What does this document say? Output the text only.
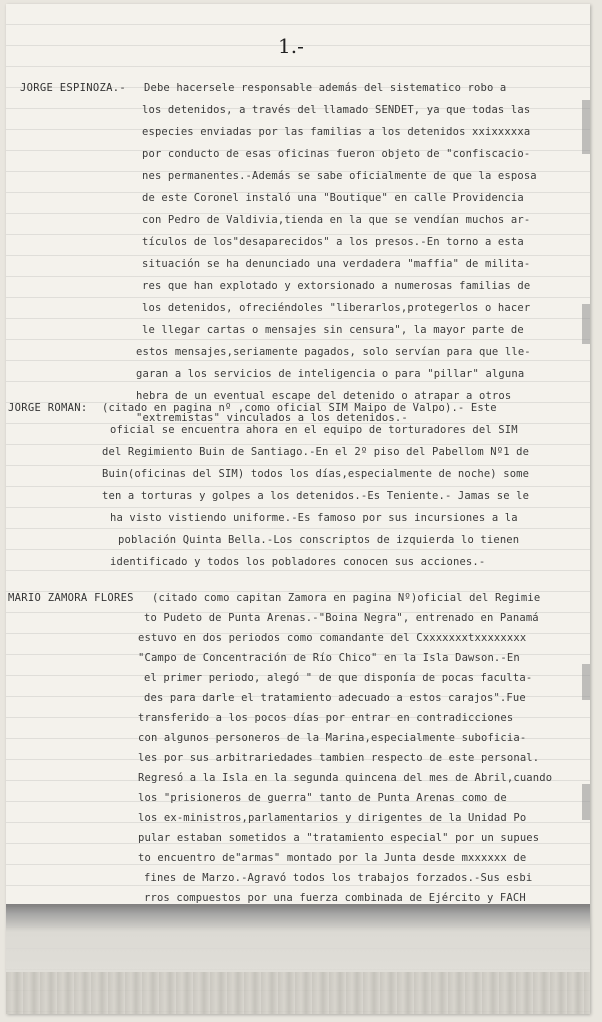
1.-
JORGE ESPINOZA.- Debe hacersele responsable además del sistematico robo a
los detenidos, a través del llamado SENDET, ya que todas las
especies enviadas por las familias a los detenidos xxixxxxxa
por conducto de esas oficinas fueron objeto de "confiscacio-
nes permanentes.-Además se sabe oficialmente de que la esposa
de este Coronel instaló una "Boutique" en calle Providencia
con Pedro de Valdivia,tienda en la que se vendían muchos ar-
tículos de los"desaparecidos" a los presos.-En torno a esta
situación se ha denunciado una verdadera "maffia" de milita-
res que han explotado y extorsionado a numerosas familias de
los detenidos, ofreciéndoles "liberarlos,protegerlos o hacer
le llegar cartas o mensajes sin censura", la mayor parte de
estos mensajes,seriamente pagados, solo servían para que lle-
garan a los servicios de inteligencia o para "pillar" alguna
hebra de un eventual escape del detenido o atrapar a otros
"extremistas" vinculados a los detenidos.-
JORGE ROMAN: (citado en pagina nº ,como oficial SIM Maipo de Valpo).- Este
oficial se encuentra ahora en el equipo de torturadores del SIM
del Regimiento Buin de Santiago.-En el 2º piso del Pabellom Nº1 de
Buin(oficinas del SIM) todos los días,especialmente de noche) some
ten a torturas y golpes a los detenidos.-Es Teniente.- Jamas se le
ha visto vistiendo uniforme.-Es famoso por sus incursiones a la
población Quinta Bella.-Los conscriptos de izquierda lo tienen
identificado y todos los pobladores conocen sus acciones.-
MARIO ZAMORA FLORES (citado como capitan Zamora en pagina Nº)oficial del Regimie
to Pudeto de Punta Arenas.-"Boina Negra", entrenado en Panamá
estuvo en dos periodos como comandante del Cxxxxxxxtxxxxxxxx
"Campo de Concentración de Río Chico" en la Isla Dawson.-En
el primer periodo, alegó " de que disponía de pocas faculta-
des para darle el tratamiento adecuado a estos carajos".Fue
transferido a los pocos días por entrar en contradicciones
con algunos personeros de la Marina,especialmente suboficia-
les por sus arbitrariedades tambien respecto de este personal.
Regresó a la Isla en la segunda quincena del mes de Abril,cuando
los "prisioneros de guerra" tanto de Punta Arenas como de
los ex-ministros,parlamentarios y dirigentes de la Unidad Po
pular estaban sometidos a "tratamiento especial" por un supues
to encuentro de"armas" montado por la Junta desde mxxxxxx de
fines de Marzo.-Agravó todos los trabajos forzados.-Sus esbi
rros compuestos por una fuerza combinada de Ejército y FACH
